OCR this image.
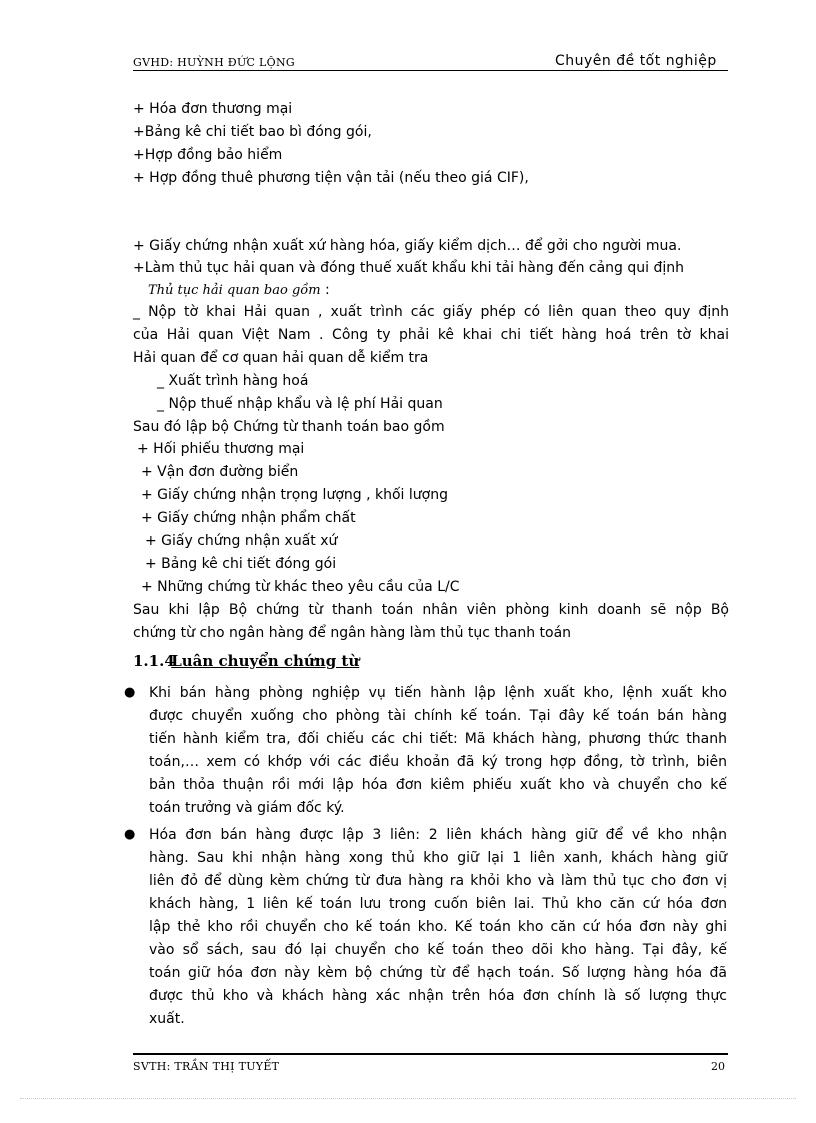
GVHD: HUỲNH ĐỨC LỘNG	Chuyên đề tốt nghiệp
+ Hóa đơn thương mại
+Bảng kê chi tiết bao bì đóng gói,
+Hợp đồng bảo hiểm
+ Hợp đồng thuê phương tiện vận tải (nếu theo giá CIF),
+ Giấy chứng nhận xuất xứ hàng hóa, giấy kiểm dịch… để gởi cho người mua.
+Làm thủ tục hải quan và đóng thuế xuất khẩu khi tải hàng đến cảng qui định
Thủ tục hải quan bao gồm :
_ Nộp tờ khai Hải quan , xuất trình các giấy phép có liên quan theo quy định
của Hải quan Việt Nam . Công ty phải kê khai chi tiết hàng hoá trên tờ khai
Hải quan để cơ quan hải quan dễ kiểm tra
_ Xuất trình hàng hoá
_ Nộp thuế nhập khẩu và lệ phí Hải quan
Sau đó lập bộ Chứng từ thanh toán bao gồm
+ Hối phiếu thương mại
+ Vận đơn đường biển
+ Giấy chứng nhận trọng lượng , khối lượng
+ Giấy chứng nhận phẩm chất
+ Giấy chứng nhận xuất xứ
+ Bảng kê chi tiết đóng gói
+ Những chứng từ khác theo yêu cầu của L/C
Sau khi lập Bộ chứng từ thanh toán nhân viên phòng kinh doanh sẽ nộp Bộ
chứng từ cho ngân hàng để ngân hàng làm thủ tục thanh toán
1.1.4 Luân chuyển chứng từ
● Khi bán hàng phòng nghiệp vụ tiến hành lập lệnh xuất kho, lệnh xuất kho
được chuyển xuống cho phòng tài chính kế toán. Tại đây kế toán bán hàng
tiến hành kiểm tra, đối chiếu các chi tiết: Mã khách hàng, phương thức thanh
toán,… xem có khớp với các điều khoản đã ký trong hợp đồng, tờ trình, biên
bản thỏa thuận rồi mới lập hóa đơn kiêm phiếu xuất kho và chuyển cho kế
toán trưởng và giám đốc ký.
● Hóa đơn bán hàng được lập 3 liên: 2 liên khách hàng giữ để về kho nhận
hàng. Sau khi nhận hàng xong thủ kho giữ lại 1 liên xanh, khách hàng giữ
liên đỏ để dùng kèm chứng từ đưa hàng ra khỏi kho và làm thủ tục cho đơn vị
khách hàng, 1 liên kế toán lưu trong cuốn biên lai. Thủ kho căn cứ hóa đơn
lập thẻ kho rồi chuyển cho kế toán kho. Kế toán kho căn cứ hóa đơn này ghi
vào sổ sách, sau đó lại chuyển cho kế toán theo dõi kho hàng. Tại đây, kế
toán giữ hóa đơn này kèm bộ chứng từ để hạch toán. Số lượng hàng hóa đã
được thủ kho và khách hàng xác nhận trên hóa đơn chính là số lượng thực
xuất.
SVTH: TRẦN THỊ TUYẾT	20
